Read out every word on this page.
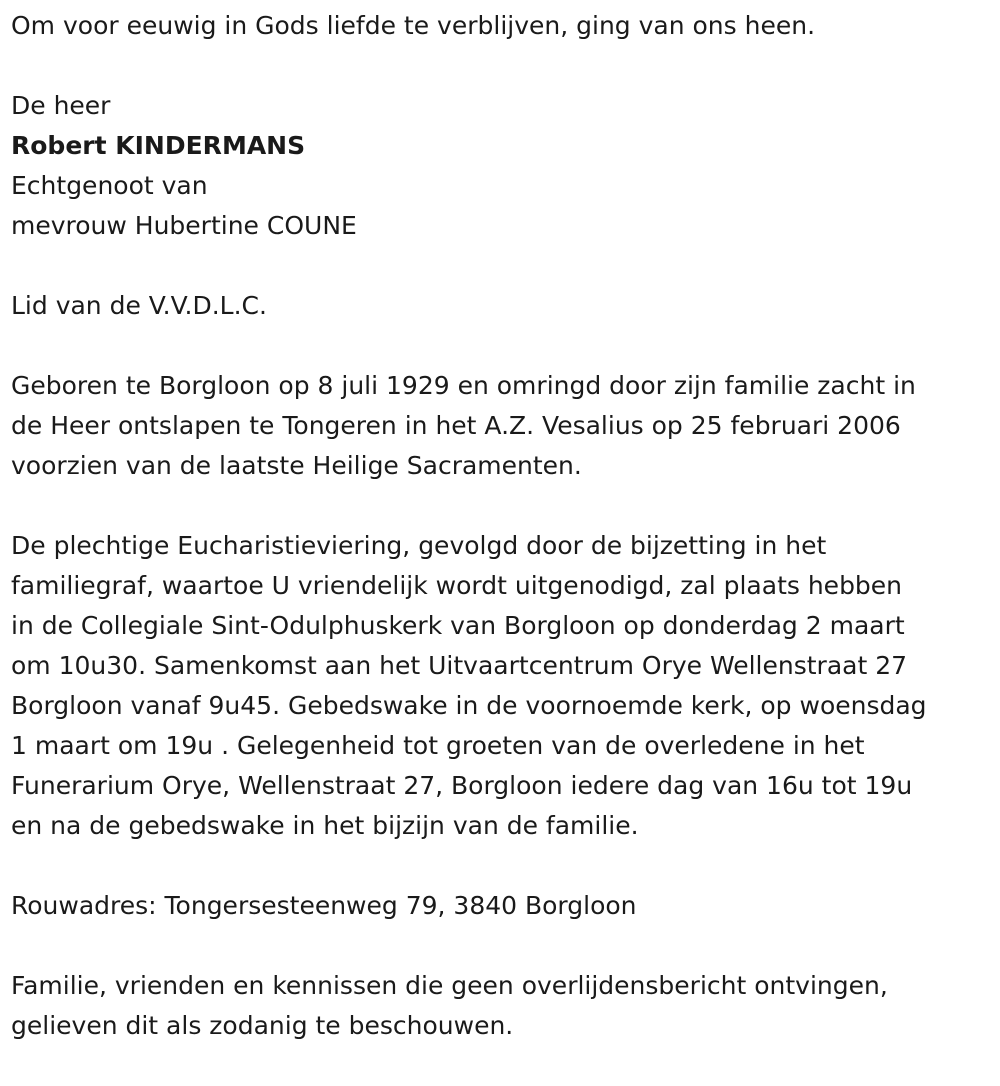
Om voor eeuwig in Gods liefde te verblijven, ging van ons heen.
De heer
Robert KINDERMANS
Echtgenoot van
mevrouw Hubertine COUNE
Lid van de V.V.D.L.C.
Geboren te Borgloon op 8 juli 1929 en omringd door zijn familie zacht in
de Heer ontslapen te Tongeren in het A.Z. Vesalius op 25 februari 2006
voorzien van de laatste Heilige Sacramenten.
De plechtige Eucharistieviering, gevolgd door de bijzetting in het
familiegraf, waartoe U vriendelijk wordt uitgenodigd, zal plaats hebben
in de Collegiale Sint-Odulphuskerk van Borgloon op donderdag 2 maart
om 10u30. Samenkomst aan het Uitvaartcentrum Orye Wellenstraat 27
Borgloon vanaf 9u45. Gebedswake in de voornoemde kerk, op woensdag
1 maart om 19u . Gelegenheid tot groeten van de overledene in het
Funerarium Orye, Wellenstraat 27, Borgloon iedere dag van 16u tot 19u
en na de gebedswake in het bijzijn van de familie.
Rouwadres: Tongersesteenweg 79, 3840 Borgloon
Familie, vrienden en kennissen die geen overlijdensbericht ontvingen,
gelieven dit als zodanig te beschouwen.
